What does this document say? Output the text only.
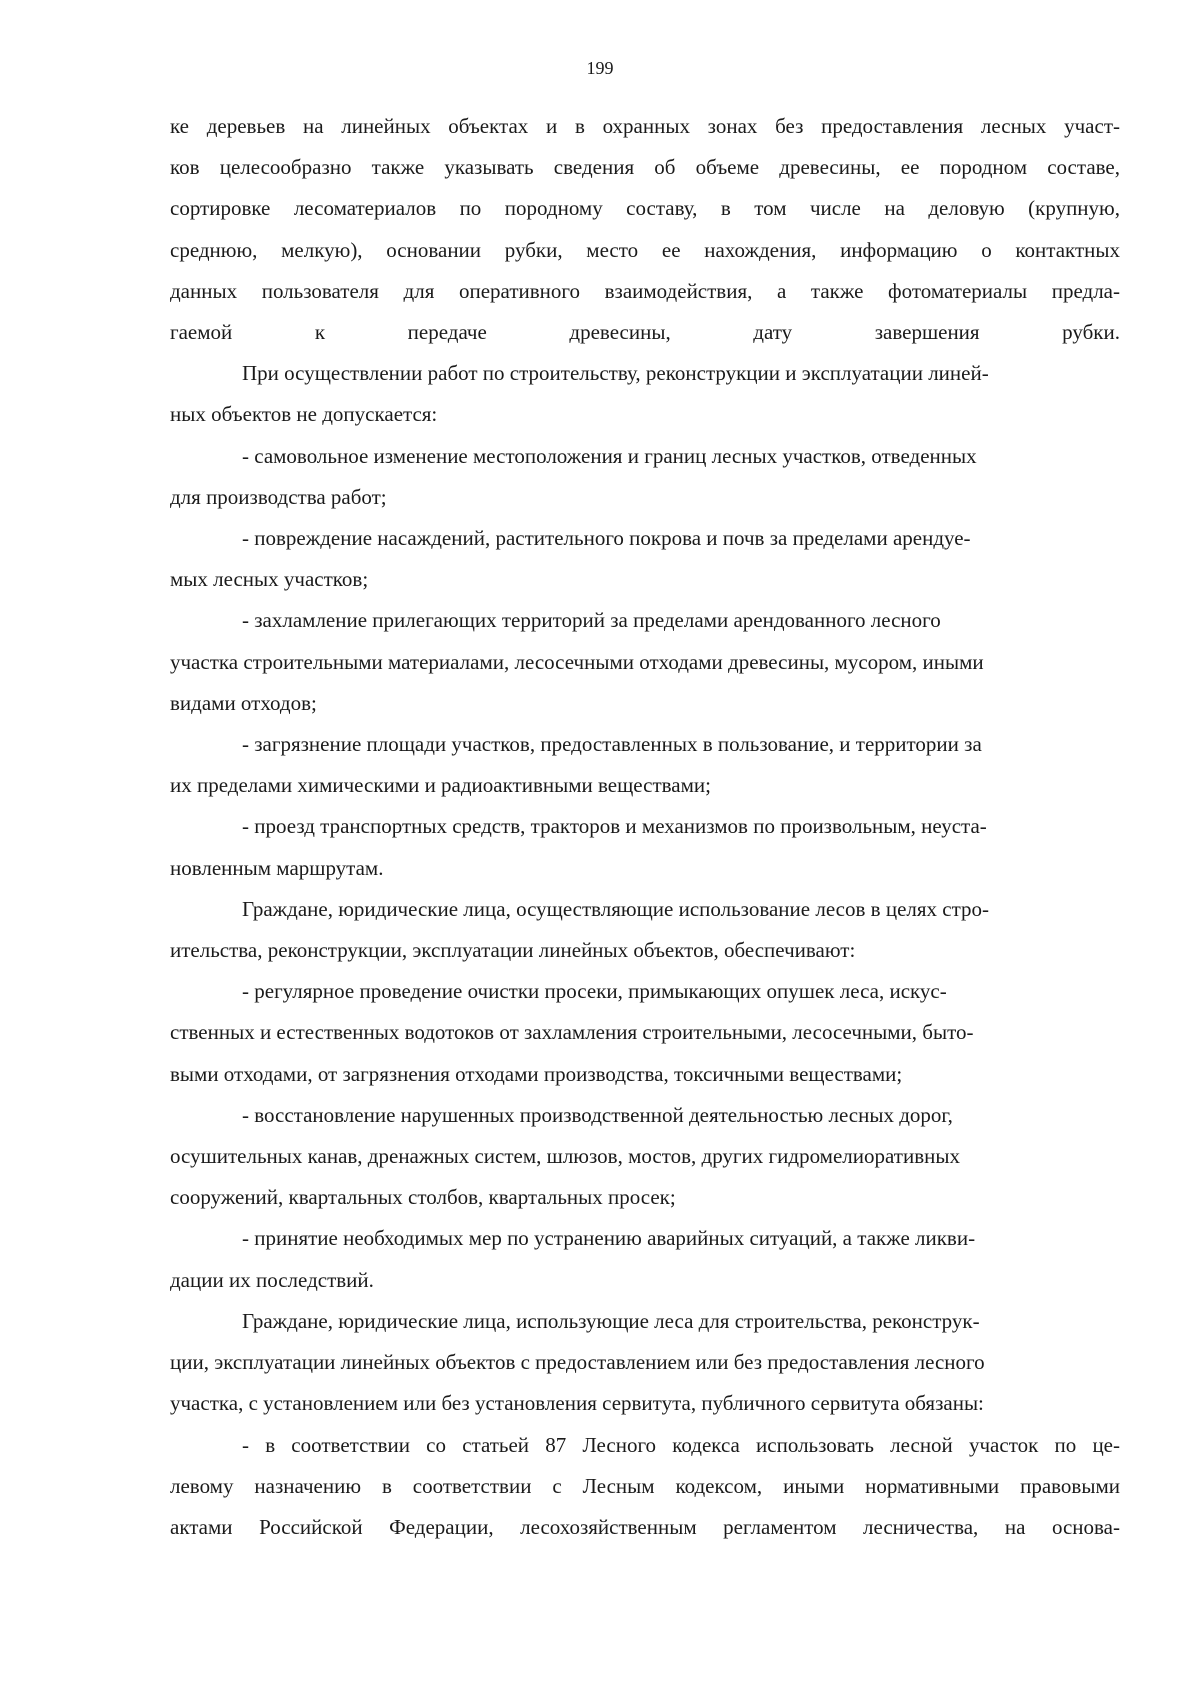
199

ке деревьев на линейных объектах и в охранных зонах без предоставления лесных участ-
ков целесообразно также указывать сведения об объеме древесины, ее породном составе,
сортировке лесоматериалов по породному составу, в том числе на деловую (крупную,
среднюю, мелкую), основании рубки, место ее нахождения, информацию о контактных
данных пользователя для оперативного взаимодействия, а также фотоматериалы предла-
гаемой к передаче древесины, дату завершения рубки.

При осуществлении работ по строительству, реконструкции и эксплуатации линей-
ных объектов не допускается:

- самовольное изменение местоположения и границ лесных участков, отведенных
для производства работ;

- повреждение насаждений, растительного покрова и почв за пределами арендуе-
мых лесных участков;

- захламление прилегающих территорий за пределами арендованного лесного
участка строительными материалами, лесосечными отходами древесины, мусором, иными
видами отходов;

- загрязнение площади участков, предоставленных в пользование, и территории за
их пределами химическими и радиоактивными веществами;

- проезд транспортных средств, тракторов и механизмов по произвольным, неуста-
новленным маршрутам.

Граждане, юридические лица, осуществляющие использование лесов в целях стро-
ительства, реконструкции, эксплуатации линейных объектов, обеспечивают:

- регулярное проведение очистки просеки, примыкающих опушек леса, искус-
ственных и естественных водотоков от захламления строительными, лесосечными, быто-
выми отходами, от загрязнения отходами производства, токсичными веществами;

- восстановление нарушенных производственной деятельностью лесных дорог,
осушительных канав, дренажных систем, шлюзов, мостов, других гидромелиоративных
сооружений, квартальных столбов, квартальных просек;

- принятие необходимых мер по устранению аварийных ситуаций, а также ликви-
дации их последствий.

Граждане, юридические лица, использующие леса для строительства, реконструк-
ции, эксплуатации линейных объектов с предоставлением или без предоставления лесного
участка, с установлением или без установления сервитута, публичного сервитута обязаны:

- в соответствии со статьей 87 Лесного кодекса использовать лесной участок по це-
левому назначению в соответствии с Лесным кодексом, иными нормативными правовыми
актами Российской Федерации, лесохозяйственным регламентом лесничества, на основа-
